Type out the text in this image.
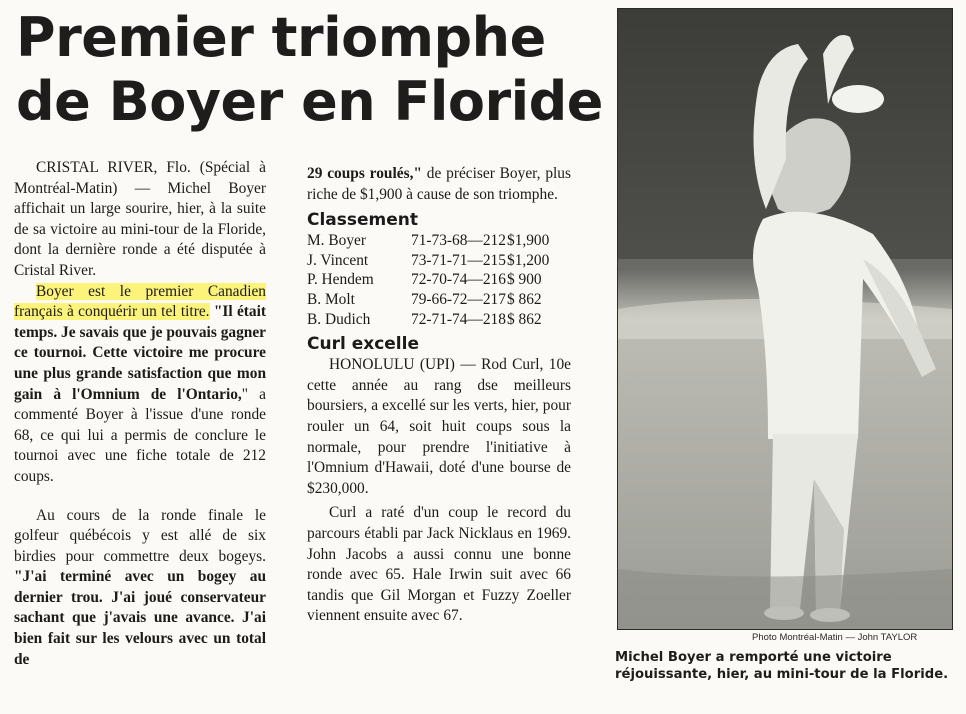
Premier triomphe
de Boyer en Floride

CRISTAL RIVER, Flo. (Spécial à Montréal-Matin) — Michel Boyer affichait un large sourire, hier, à la suite de sa victoire au mini-tour de la Floride, dont la dernière ronde a été disputée à Cristal River.

Boyer est le premier Canadien français à conquérir un tel titre. "Il était temps. Je savais que je pouvais gagner ce tournoi. Cette victoire me procure une plus grande satisfaction que mon gain à l'Omnium de l'Ontario," a commenté Boyer à l'issue d'une ronde 68, ce qui lui a permis de conclure le tournoi avec une fiche totale de 212 coups.

Au cours de la ronde finale le golfeur québécois y est allé de six birdies pour commettre deux bogeys. "J'ai terminé avec un bogey au dernier trou. J'ai joué conservateur sachant que j'avais une avance. J'ai bien fait sur les velours avec un total de

29 coups roulés," de préciser Boyer, plus riche de $1,900 à cause de son triomphe.

Classement
M. Boyer	71-73-68—212	$1,900
J. Vincent	73-71-71—215	$1,200
P. Hendem	72-70-74—216	$ 900
B. Molt	79-66-72—217	$ 862
B. Dudich	72-71-74—218	$ 862
Curl excelle

HONOLULU (UPI) — Rod Curl, 10e cette année au rang dse meilleurs boursiers, a excellé sur les verts, hier, pour rouler un 64, soit huit coups sous la normale, pour prendre l'initiative à l'Omnium d'Hawaii, doté d'une bourse de $230,000.

Curl a raté d'un coup le record du parcours établi par Jack Nicklaus en 1969. John Jacobs a aussi connu une bonne ronde avec 65. Hale Irwin suit avec 66 tandis que Gil Morgan et Fuzzy Zoeller viennent ensuite avec 67.

Photo Montréal-Matin — John TAYLOR

Michel Boyer a remporté une victoire réjouissante, hier, au mini-tour de la Floride.
